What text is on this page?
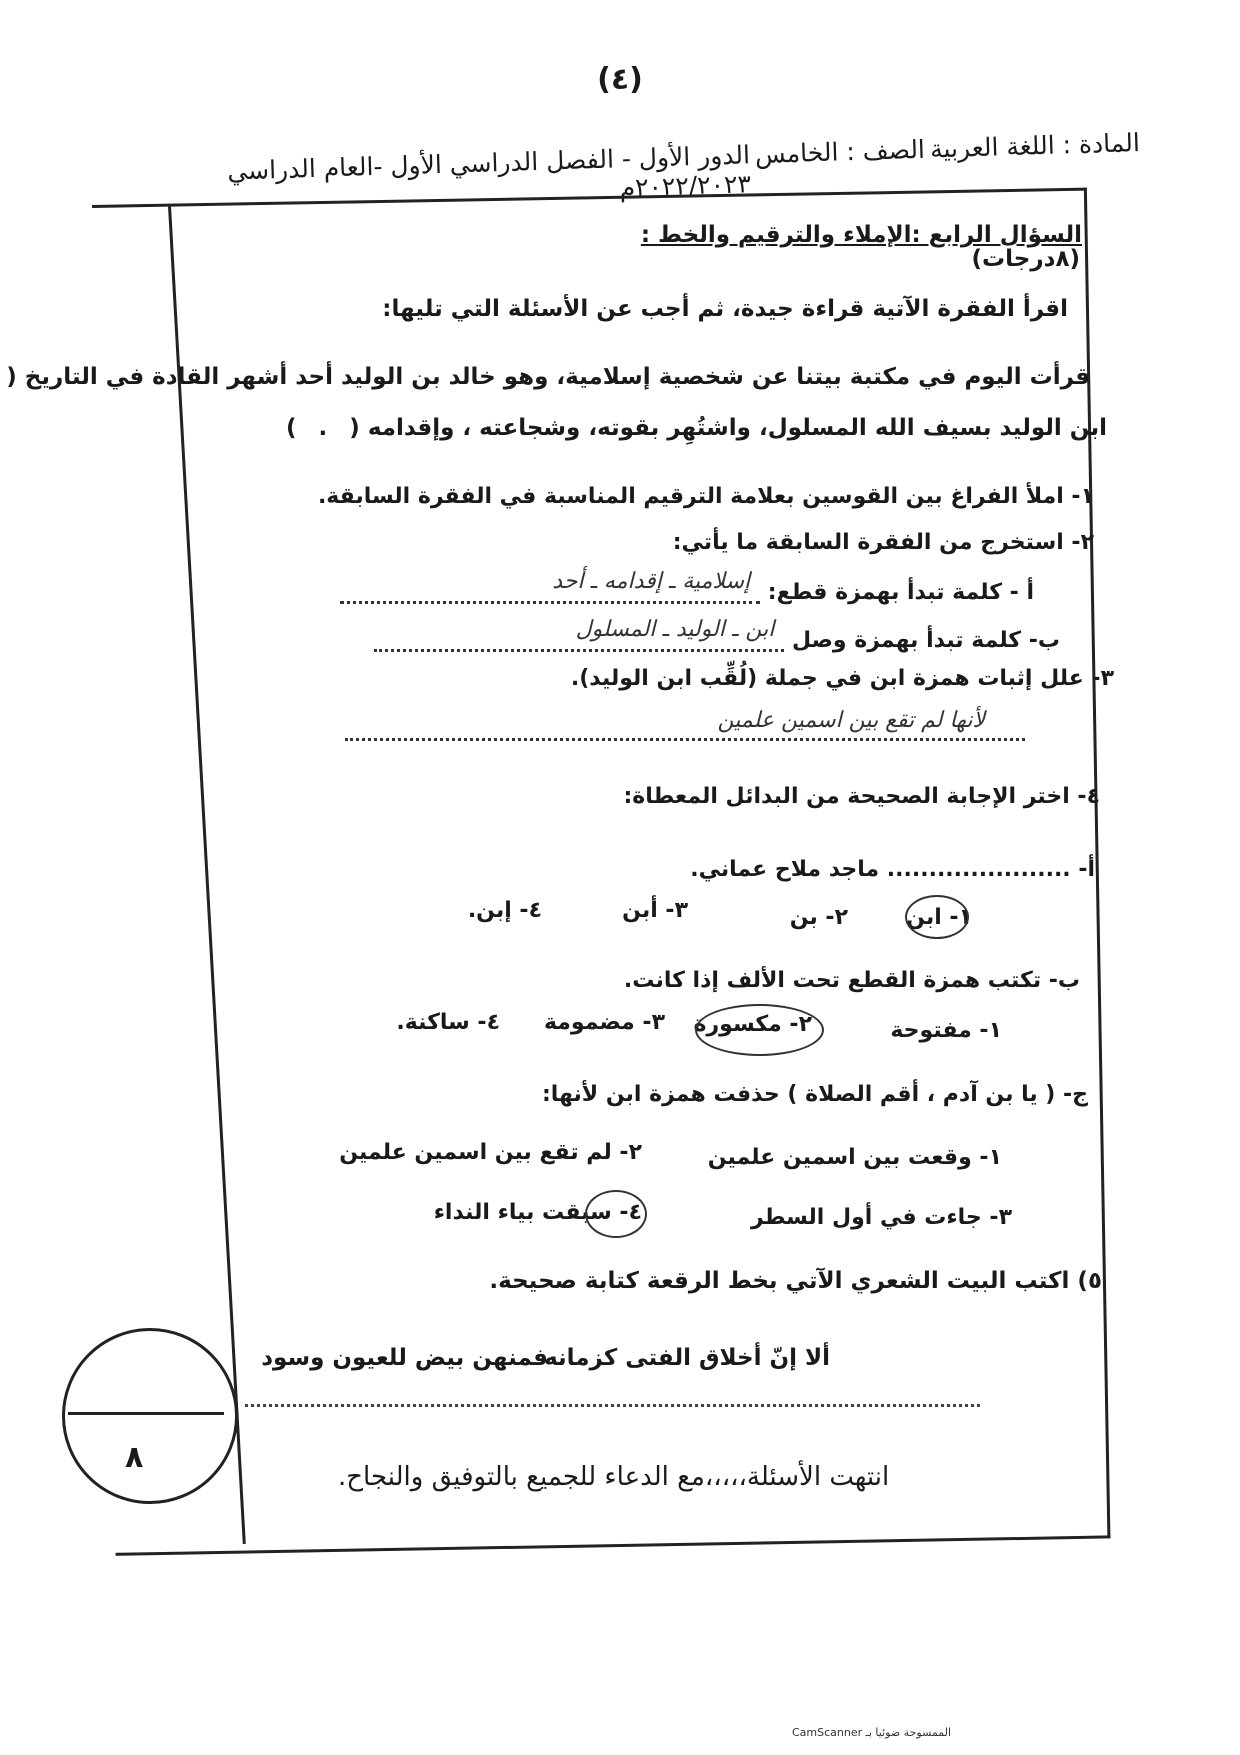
(٤)
المادة : اللغة العربية
الصف : الخامس
الدور الأول - الفصل الدراسي الأول -العام الدراسي ٢٠٢٢/٢٠٢٣م
السؤال الرابع :الإملاء والترقيم والخط :
(٨درجات)
اقرأ الفقرة الآتية قراءة جيدة، ثم أجب عن الأسئلة التي تليها:
قرأت اليوم في مكتبة بيتنا عن شخصية إسلامية، وهو خالد بن الوليد أحد أشهر القادة في التاريخ (
ابن الوليد بسيف الله المسلول، واشتُهِر بقوته، وشجاعته ، وإقدامه ( . )
١- املأ الفراغ بين القوسين بعلامة الترقيم المناسبة في الفقرة السابقة.
٢- استخرج من الفقرة السابقة ما يأتي:
أ - كلمة تبدأ بهمزة قطع:
إسلامية ـ إقدامه ـ أحد
ب- كلمة تبدأ بهمزة وصل
ابن ـ الوليد ـ المسلول
٣- علل إثبات همزة ابن في جملة (لُقِّب ابن الوليد).
لأنها لم تقع بين اسمين علمين
٤- اختر الإجابة الصحيحة من البدائل المعطاة:
أ- ...................... ماجد ملاح عماني.
١- ابن
٢- بن
٣- أبن
٤- إبن.
ب- تكتب همزة القطع تحت الألف إذا كانت.
١- مفتوحة
٢- مكسورة
٣- مضمومة
٤- ساكنة.
ج- ( يا بن آدم ، أقم الصلاة ) حذفت همزة ابن لأنها:
١- وقعت بين اسمين علمين
٢- لم تقع بين اسمين علمين
٣- جاءت في أول السطر
٤- سبقت بياء النداء
٥) اكتب البيت الشعري الآتي بخط الرقعة كتابة صحيحة.
ألا إنّ أخلاق الفتى كزمانه
فمنهن بيض للعيون وسود
٨
انتهت الأسئلة،،،،،مع الدعاء للجميع بالتوفيق والنجاح.
الممسوحة ضوئيا بـ CamScanner
